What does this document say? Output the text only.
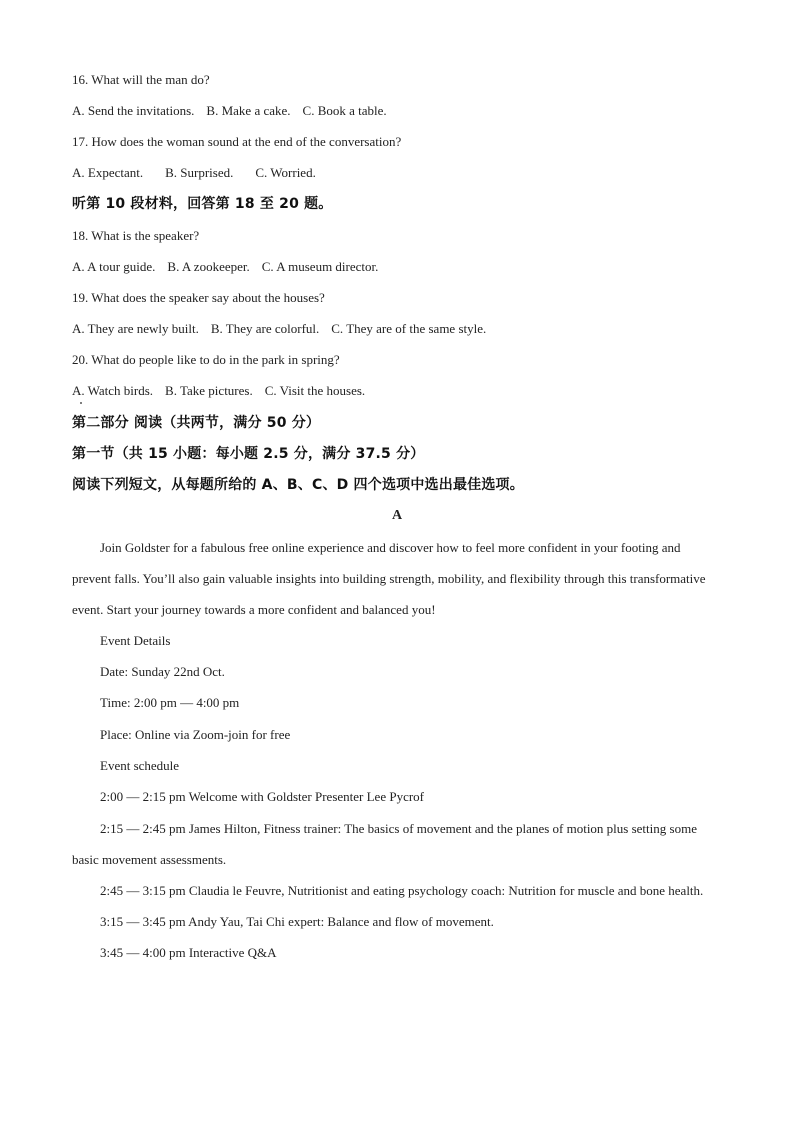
16. What will the man do?
A. Send the invitations. B. Make a cake. C. Book a table.
17. How does the woman sound at the end of the conversation?
A. Expectant. B. Surprised. C. Worried.
听第 10 段材料，回答第 18 至 20 题。
18. What is the speaker?
A. A tour guide. B. A zookeeper. C. A museum director.
19. What does the speaker say about the houses?
A. They are newly built. B. They are colorful. C. They are of the same style.
20. What do people like to do in the park in spring?
A. Watch birds. B. Take pictures. C. Visit the houses.
第二部分 阅读（共两节，满分 50 分）
第一节（共 15 小题：每小题 2.5 分，满分 37.5 分）
阅读下列短文，从每题所给的 A、B、C、D 四个选项中选出最佳选项。
A
Join Goldster for a fabulous free online experience and discover how to feel more confident in your footing and prevent falls. You’ll also gain valuable insights into building strength, mobility, and flexibility through this transformative event. Start your journey towards a more confident and balanced you!
Event Details
Date: Sunday 22nd Oct.
Time: 2:00 pm — 4:00 pm
Place: Online via Zoom-join for free
Event schedule
2:00 — 2:15 pm Welcome with Goldster Presenter Lee Pycrof
2:15 — 2:45 pm James Hilton, Fitness trainer: The basics of movement and the planes of motion plus setting some basic movement assessments.
2:45 — 3:15 pm Claudia le Feuvre, Nutritionist and eating psychology coach: Nutrition for muscle and bone health.
3:15 — 3:45 pm Andy Yau, Tai Chi expert: Balance and flow of movement.
3:45 — 4:00 pm Interactive Q&A
